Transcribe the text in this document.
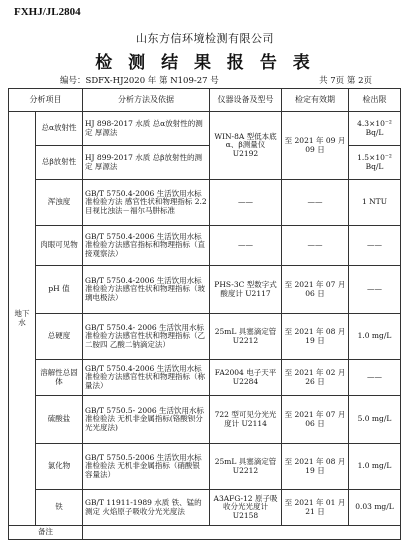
FXHJ/JL2804
山东方信环境检测有限公司
检 测 结 果 报 告 表
编号：SDFX-HJ2020 年 第 N109-27 号	共 7页 第 2页
分析项目		分析方法及依据	仪器设备及型号	检定有效期	检出限
地下水	总α放射性	HJ 898-2017 水质 总α放射性的测定 厚源法	WIN-8A 型低本底α、β测量仪 U2192	至 2021 年 09 月 09 日	4.3×10⁻² Bq/L
	总β放射性	HJ 899-2017 水质 总β放射性的测定 厚源法			1.5×10⁻² Bq/L
	浑浊度	GB/T 5750.4-2006 生活饮用水标准检验方法 感官性状和物理指标 2.2 目视比浊法－福尔马肼标准	——	——	1 NTU
	肉眼可见物	GB/T 5750.4-2006 生活饮用水标准检验方法感官指标和物理指标（直接观察法）	——	——	——
	pH 值	GB/T 5750.4-2006 生活饮用水标准检验方法感官性状和物理指标（玻璃电极法）	PHS-3C 型数字式酸度计 U2117	至 2021 年 07 月 06 日	——
	总硬度	GB/T 5750.4- 2006 生活饮用水标准检验方法感官性状和物理指标（乙二胺四 乙酸二钠滴定法）	25mL 具塞滴定管 U2212	至 2021 年 08 月 19 日	1.0 mg/L
	溶解性总固体	GB/T 5750.4-2006 生活饮用水标准检验方法感官性状和物理指标（称量法）	FA2004 电子天平 U2284	至 2021 年 02 月 26 日	——
	硫酸盐	GB/T 5750.5- 2006 生活饮用水标准检验法 无机非金属指标(铬酸钡分光光度法)	722 型可见分光光度计 U2114	至 2021 年 07 月 06 日	5.0 mg/L
	氯化物	GB/T 5750.5-2006 生活饮用水标准检验法 无机非金属指标（硝酸银容量法）	25mL 具塞滴定管 U2212	至 2021 年 08 月 19 日	1.0 mg/L
	铁	GB/T 11911-1989 水质 铁、锰的测定 火焰原子吸收分光光度法	A3AFG-12 原子吸收分光光度计 U2158	至 2021 年 01 月 21 日	0.03 mg/L
备注					
